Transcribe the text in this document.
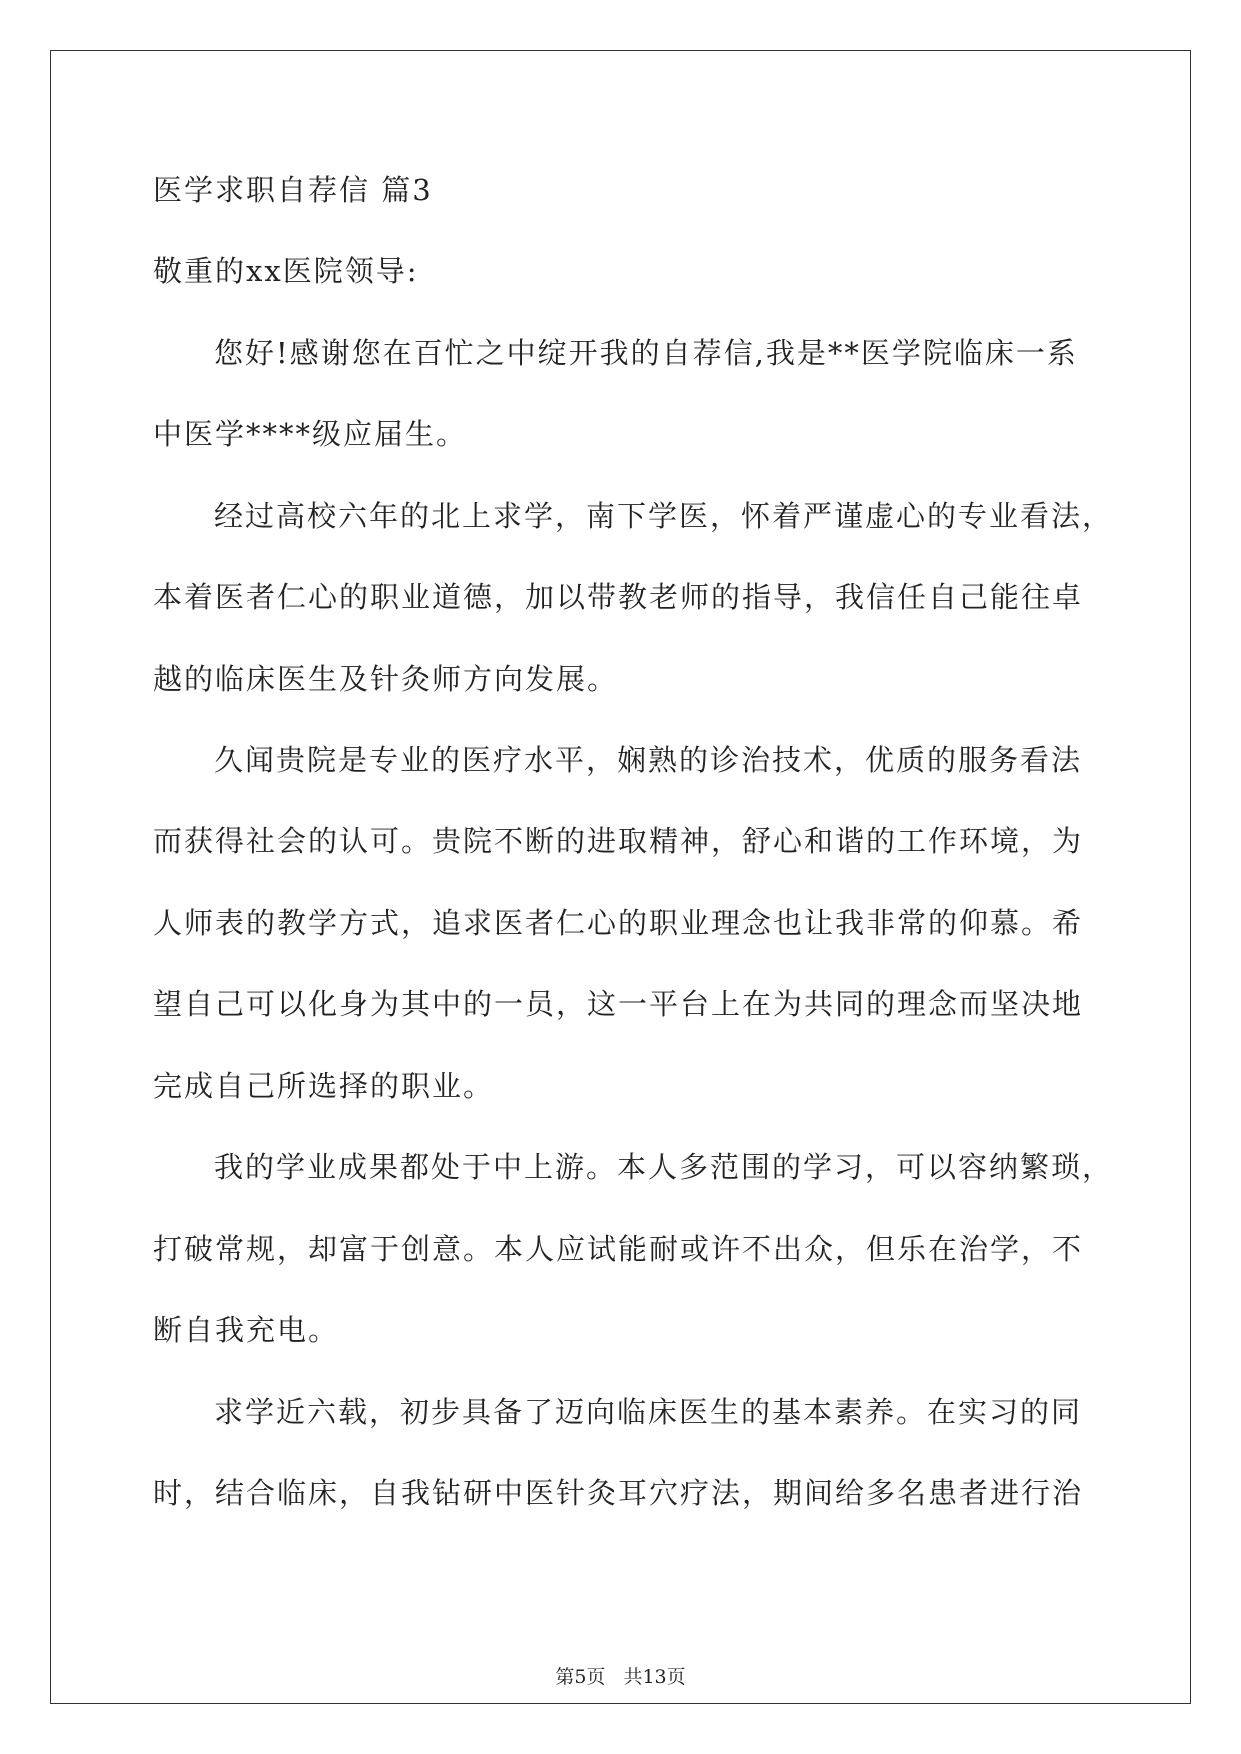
医学求职自荐信 篇3
敬重的xx医院领导:
您好!感谢您在百忙之中绽开我的自荐信,我是**医学院临床一系
中医学****级应届生。
经过高校六年的北上求学，南下学医，怀着严谨虚心的专业看法，
本着医者仁心的职业道德，加以带教老师的指导，我信任自己能往卓
越的临床医生及针灸师方向发展。
久闻贵院是专业的医疗水平，娴熟的诊治技术，优质的服务看法
而获得社会的认可。贵院不断的进取精神，舒心和谐的工作环境，为
人师表的教学方式，追求医者仁心的职业理念也让我非常的仰慕。希
望自己可以化身为其中的一员，这一平台上在为共同的理念而坚决地
完成自己所选择的职业。
我的学业成果都处于中上游。本人多范围的学习，可以容纳繁琐，
打破常规，却富于创意。本人应试能耐或许不出众，但乐在治学，不
断自我充电。
求学近六载，初步具备了迈向临床医生的基本素养。在实习的同
时，结合临床，自我钻研中医针灸耳穴疗法，期间给多名患者进行治
第5页 共13页
